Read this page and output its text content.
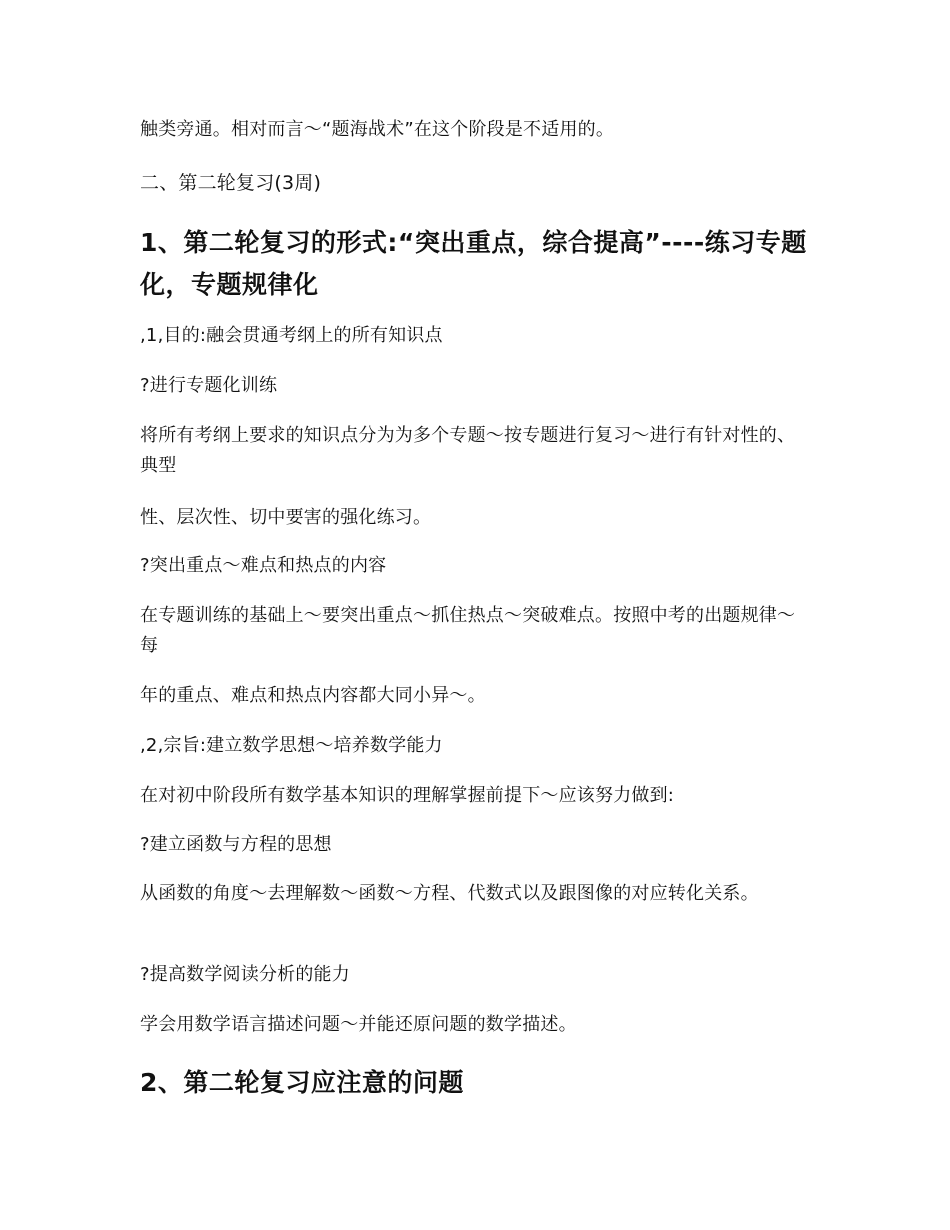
触类旁通。相对而言～“题海战术”在这个阶段是不适用的。
二、第二轮复习(3周)
1、第二轮复习的形式:“突出重点，综合提高”----练习专题化，专题规律化
,1,目的:融会贯通考纲上的所有知识点
?进行专题化训练
将所有考纲上要求的知识点分为为多个专题～按专题进行复习～进行有针对性的、典型
性、层次性、切中要害的强化练习。
?突出重点～难点和热点的内容
在专题训练的基础上～要突出重点～抓住热点～突破难点。按照中考的出题规律～每
年的重点、难点和热点内容都大同小异～。
,2,宗旨:建立数学思想～培养数学能力
在对初中阶段所有数学基本知识的理解掌握前提下～应该努力做到:
?建立函数与方程的思想
从函数的角度～去理解数～函数～方程、代数式以及跟图像的对应转化关系。
?提高数学阅读分析的能力
学会用数学语言描述问题～并能还原问题的数学描述。
2、第二轮复习应注意的问题
